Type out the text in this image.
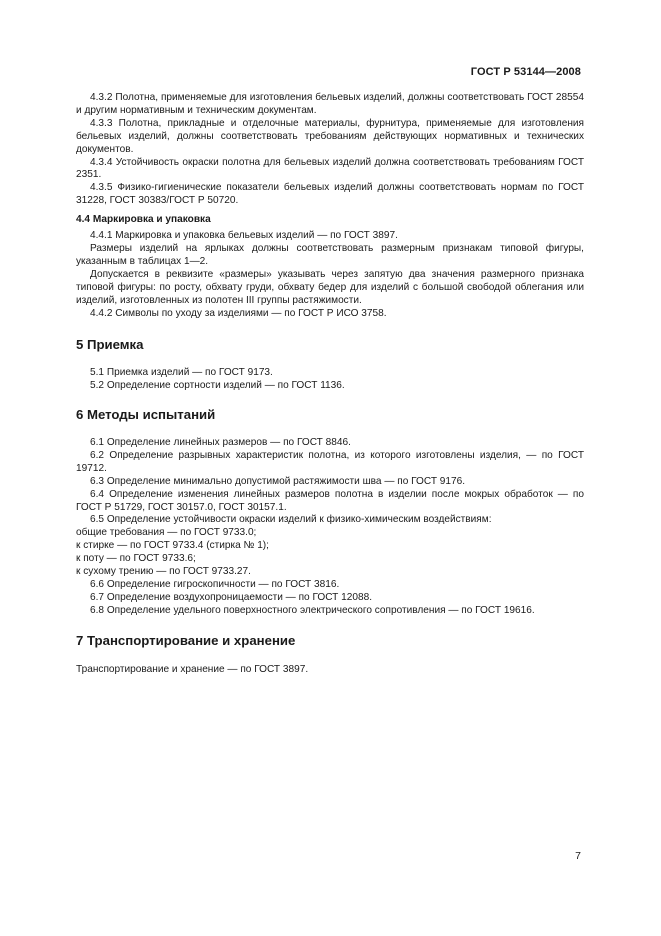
ГОСТ Р 53144—2008

4.3.2 Полотна, применяемые для изготовления бельевых изделий, должны соответствовать ГОСТ 28554 и другим нормативным и техническим документам.

4.3.3 Полотна, прикладные и отделочные материалы, фурнитура, применяемые для изготовления бельевых изделий, должны соответствовать требованиям действующих нормативных и технических документов.

4.3.4 Устойчивость окраски полотна для бельевых изделий должна соответствовать требованиям ГОСТ 2351.

4.3.5 Физико-гигиенические показатели бельевых изделий должны соответствовать нормам по ГОСТ 31228, ГОСТ 30383/ГОСТ Р 50720.

4.4 Маркировка и упаковка

4.4.1 Маркировка и упаковка бельевых изделий — по ГОСТ 3897.

Размеры изделий на ярлыках должны соответствовать размерным признакам типовой фигуры, указанным в таблицах 1—2.

Допускается в реквизите «размеры» указывать через запятую два значения размерного признака типовой фигуры: по росту, обхвату груди, обхвату бедер для изделий с большой свободой облегания или изделий, изготовленных из полотен III группы растяжимости.

4.4.2 Символы по уходу за изделиями — по ГОСТ Р ИСО 3758.

5 Приемка

5.1 Приемка изделий — по ГОСТ 9173.

5.2 Определение сортности изделий — по ГОСТ 1136.

6 Методы испытаний

6.1 Определение линейных размеров — по ГОСТ 8846.

6.2 Определение разрывных характеристик полотна, из которого изготовлены изделия, — по ГОСТ 19712.

6.3 Определение минимально допустимой растяжимости шва — по ГОСТ 9176.

6.4 Определение изменения линейных размеров полотна в изделии после мокрых обработок — по ГОСТ Р 51729, ГОСТ 30157.0, ГОСТ 30157.1.

6.5 Определение устойчивости окраски изделий к физико-химическим воздействиям:

общие требования — по ГОСТ 9733.0;

к стирке — по ГОСТ 9733.4 (стирка № 1);

к поту — по ГОСТ 9733.6;

к сухому трению — по ГОСТ 9733.27.

6.6 Определение гигроскопичности — по ГОСТ 3816.

6.7 Определение воздухопроницаемости — по ГОСТ 12088.

6.8 Определение удельного поверхностного электрического сопротивления — по ГОСТ 19616.

7 Транспортирование и хранение

Транспортирование и хранение — по ГОСТ 3897.

7
